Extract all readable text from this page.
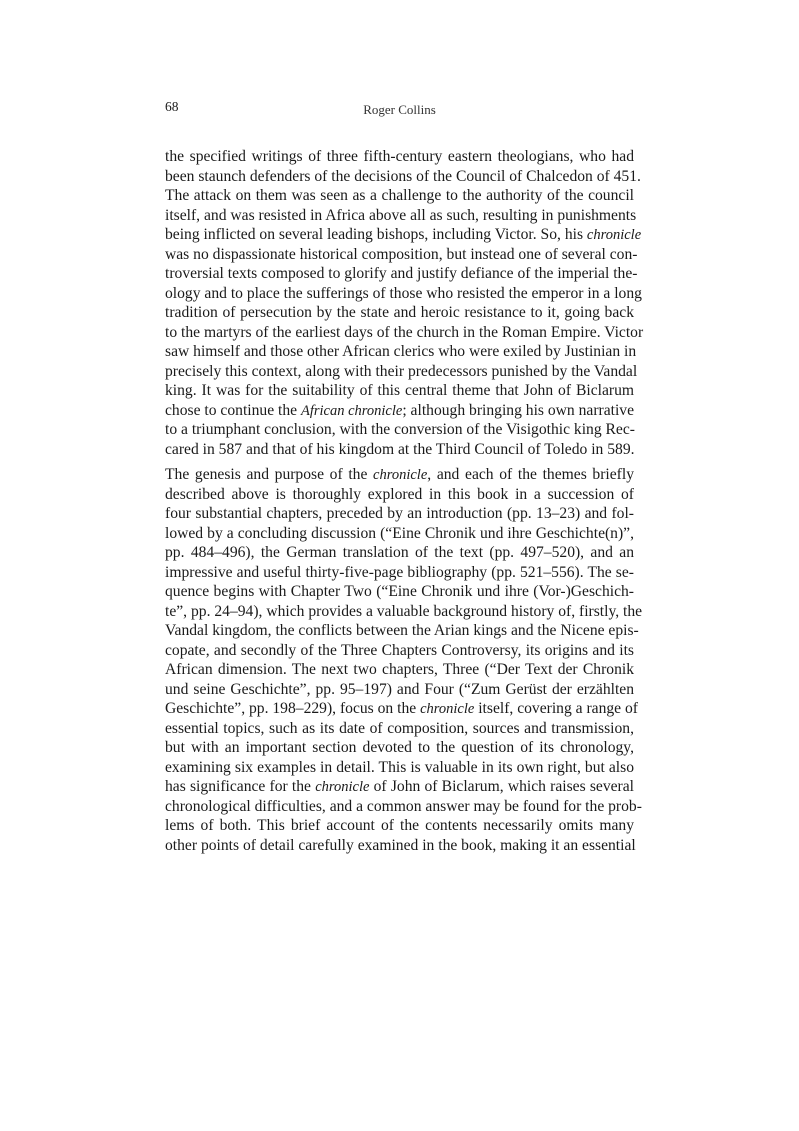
68	Roger Collins
the specified writings of three fifth-century eastern theologians, who had
been staunch defenders of the decisions of the Council of Chalcedon of 451.
The attack on them was seen as a challenge to the authority of the council
itself, and was resisted in Africa above all as such, resulting in punishments
being inflicted on several leading bishops, including Victor. So, his chronicle
was no dispassionate historical composition, but instead one of several con-
troversial texts composed to glorify and justify defiance of the imperial the-
ology and to place the sufferings of those who resisted the emperor in a long
tradition of persecution by the state and heroic resistance to it, going back
to the martyrs of the earliest days of the church in the Roman Empire. Victor
saw himself and those other African clerics who were exiled by Justinian in
precisely this context, along with their predecessors punished by the Vandal
king. It was for the suitability of this central theme that John of Biclarum
chose to continue the African chronicle; although bringing his own narrative
to a triumphant conclusion, with the conversion of the Visigothic king Rec-
cared in 587 and that of his kingdom at the Third Council of Toledo in 589.
The genesis and purpose of the chronicle, and each of the themes briefly
described above is thoroughly explored in this book in a succession of
four substantial chapters, preceded by an introduction (pp. 13–23) and fol-
lowed by a concluding discussion (“Eine Chronik und ihre Geschichte(n)”,
pp. 484–496), the German translation of the text (pp. 497–520), and an
impressive and useful thirty-five-page bibliography (pp. 521–556). The se-
quence begins with Chapter Two (“Eine Chronik und ihre (Vor-)Geschich-
te”, pp. 24–94), which provides a valuable background history of, firstly, the
Vandal kingdom, the conflicts between the Arian kings and the Nicene epis-
copate, and secondly of the Three Chapters Controversy, its origins and its
African dimension. The next two chapters, Three (“Der Text der Chronik
und seine Geschichte”, pp. 95–197) and Four (“Zum Gerüst der erzählten
Geschichte”, pp. 198–229), focus on the chronicle itself, covering a range of
essential topics, such as its date of composition, sources and transmission,
but with an important section devoted to the question of its chronology,
examining six examples in detail. This is valuable in its own right, but also
has significance for the chronicle of John of Biclarum, which raises several
chronological difficulties, and a common answer may be found for the prob-
lems of both. This brief account of the contents necessarily omits many
other points of detail carefully examined in the book, making it an essential
